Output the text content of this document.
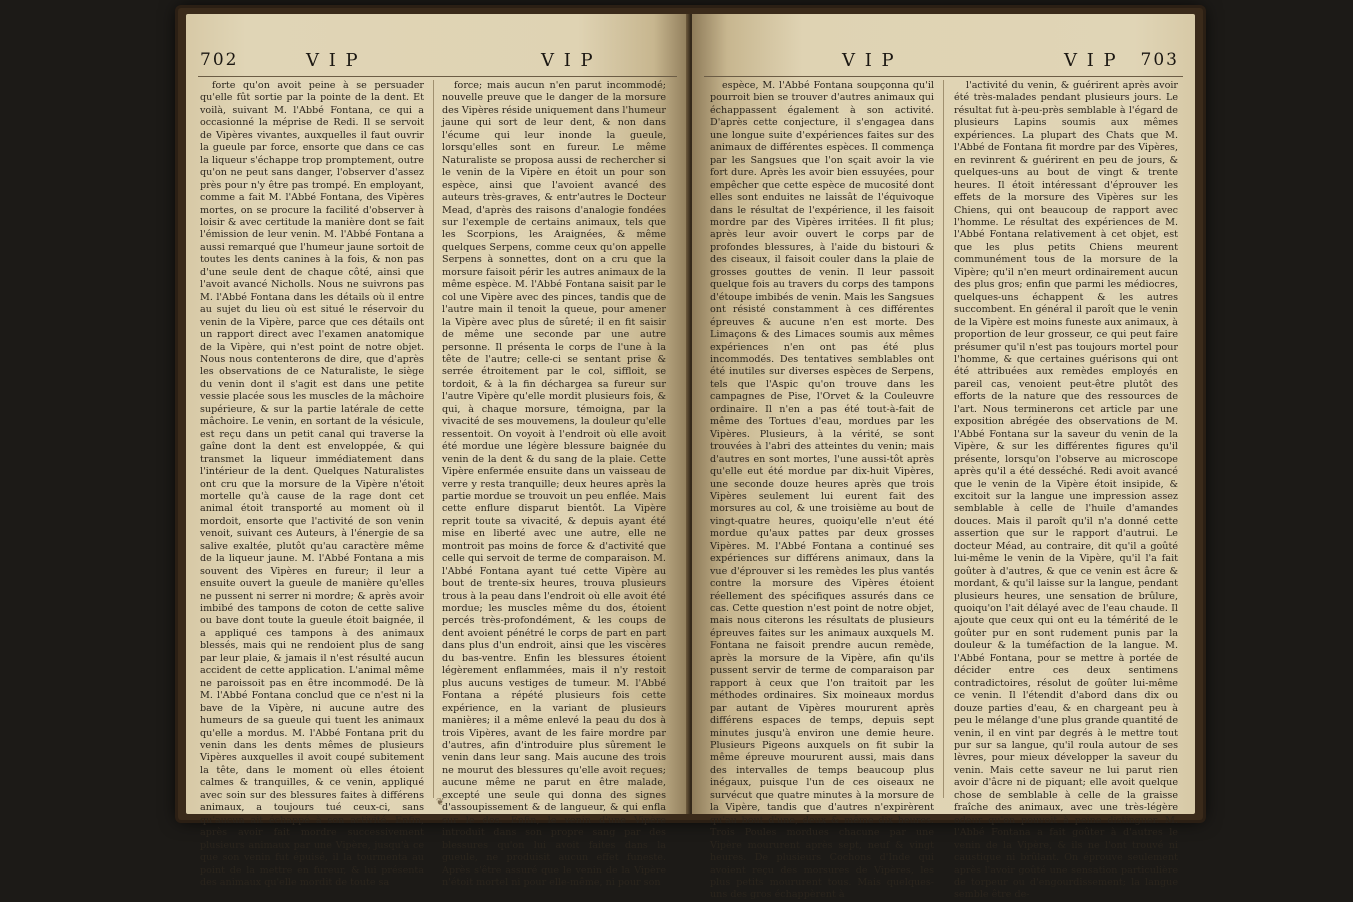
702	V I P	V I P

forte qu'on avoit peine à se persuader qu'elle fût sortie par la pointe de la dent. Et voilà, suivant M. l'Abbé Fontana, ce qui a occasionné la méprise de Redi. Il se servoit de Vipères vivantes, auxquelles il faut ouvrir la gueule par force, ensorte que dans ce cas la liqueur s'échappe trop promptement, outre qu'on ne peut sans danger, l'observer d'assez près pour n'y être pas trompé. En employant, comme a fait M. l'Abbé Fontana, des Vipères mortes, on se procure la facilité d'observer à loisir & avec certitude la manière dont se fait l'émission de leur venin. M. l'Abbé Fontana a aussi remarqué que l'humeur jaune sortoit de toutes les dents canines à la fois, & non pas d'une seule dent de chaque côté, ainsi que l'avoit avancé Nicholls. Nous ne suivrons pas M. l'Abbé Fontana dans les détails où il entre au sujet du lieu où est situé le réservoir du venin de la Vipère, parce que ces détails ont un rapport direct avec l'examen anatomique de la Vipère, qui n'est point de notre objet. Nous nous contenterons de dire, que d'après les observations de ce Naturaliste, le siège du venin dont il s'agit est dans une petite vessie placée sous les muscles de la mâchoire supérieure, & sur la partie latérale de cette mâchoire. Le venin, en sortant de la vésicule, est reçu dans un petit canal qui traverse la gaîne dont la dent est enveloppée, & qui transmet la liqueur immédiatement dans l'intérieur de la dent. Quelques Naturalistes ont cru que la morsure de la Vipère n'étoit mortelle qu'à cause de la rage dont cet animal étoit transporté au moment où il mordoit, ensorte que l'activité de son venin venoit, suivant ces Auteurs, à l'énergie de sa salive exaltée, plutôt qu'au caractère même de la liqueur jaune. M. l'Abbé Fontana a mis souvent des Vipères en fureur; il leur a ensuite ouvert la gueule de manière qu'elles ne pussent ni serrer ni mordre; & après avoir imbibé des tampons de coton de cette salive ou bave dont toute la gueule étoit baignée, il a appliqué ces tampons à des animaux blessés, mais qui ne rendoient plus de sang par leur plaie, & jamais il n'est résulté aucun accident de cette application. L'animal même ne paroissoit pas en être incommodé. De là M. l'Abbé Fontana conclud que ce n'est ni la bave de la Vipère, ni aucune autre des humeurs de sa gueule qui tuent les animaux qu'elle a mordus. M. l'Abbé Fontana prit du venin dans les dents mêmes de plusieurs Vipères auxquelles il avoit coupé subitement la tête, dans le moment où elles étoient calmes & tranquilles, & ce venin, appliqué avec soin sur des blessures faites à différens animaux, a toujours tué ceux-ci, sans qu'aucun ait échappé à son activité. Enfin, après avoir fait mordre successivement plusieurs animaux par une Vipère, jusqu'à ce que son venin fut épuisé, il la tourmenta au point de la mettre en fureur, & lui présenta des animaux qu'elle mordit de toute sa

force; mais aucun n'en parut incommodé; nouvelle preuve que le danger de la morsure des Vipères réside uniquement dans l'humeur jaune qui sort de leur dent, & non dans l'écume qui leur inonde la gueule, lorsqu'elles sont en fureur. Le même Naturaliste se proposa aussi de rechercher si le venin de la Vipère en étoit un pour son espèce, ainsi que l'avoient avancé des auteurs très-graves, & entr'autres le Docteur Mead, d'après des raisons d'analogie fondées sur l'exemple de certains animaux, tels que les Scorpions, les Araignées, & même quelques Serpens, comme ceux qu'on appelle Serpens à sonnettes, dont on a cru que la morsure faisoit périr les autres animaux de la même espèce. M. l'Abbé Fontana saisit par le col une Vipère avec des pinces, tandis que de l'autre main il tenoit la queue, pour amener la Vipère avec plus de sûreté; il en fit saisir de même une seconde par une autre personne. Il présenta le corps de l'une à la tête de l'autre; celle-ci se sentant prise & serrée étroitement par le col, siffloit, se tordoit, & à la fin déchargea sa fureur sur l'autre Vipère qu'elle mordit plusieurs fois, & qui, à chaque morsure, témoigna, par la vivacité de ses mouvemens, la douleur qu'elle ressentoit. On voyoit à l'endroit où elle avoit été mordue une légère blessure baignée du venin de la dent & du sang de la plaie. Cette Vipère enfermée ensuite dans un vaisseau de verre y resta tranquille; deux heures après la partie mordue se trouvoit un peu enflée. Mais cette enflure disparut bientôt. La Vipère reprit toute sa vivacité, & depuis ayant été mise en liberté avec une autre, elle ne montroit pas moins de force & d'activité que celle qui servoit de terme de comparaison. M. l'Abbé Fontana ayant tué cette Vipère au bout de trente-six heures, trouva plusieurs trous à la peau dans l'endroit où elle avoit été mordue; les muscles même du dos, étoient percés très-profondément, & les coups de dent avoient pénétré le corps de part en part dans plus d'un endroit, ainsi que les viscères du bas-ventre. Enfin les blessures étoient légèrement enflammées, mais il n'y restoit plus aucuns vestiges de tumeur. M. l'Abbé Fontana a répété plusieurs fois cette expérience, en la variant de plusieurs manières; il a même enlevé la peau du dos à trois Vipères, avant de les faire mordre par d'autres, afin d'introduire plus sûrement le venin dans leur sang. Mais aucune des trois ne mourut des blessures qu'elle avoit reçues; aucune même ne parut en être malade, excepté une seule qui donna des signes d'assoupissement & de langueur, & qui enfla sur le dos. Enfin, le venin d'une Vipère introduit dans son propre sang par des blessures qu'on lui avoit faites dans la gueule, ne produisit aucun effet funeste. Après s'être assuré que le venin de la Vipère n'étoit mortel ni pour elle-même, ni pour son

❦
V I P	V I P 703

espèce, M. l'Abbé Fontana soupçonna qu'il pourroit bien se trouver d'autres animaux qui échappassent également à son activité. D'après cette conjecture, il s'engagea dans une longue suite d'expériences faites sur des animaux de différentes espèces. Il commença par les Sangsues que l'on sçait avoir la vie fort dure. Après les avoir bien essuyées, pour empêcher que cette espèce de mucosité dont elles sont enduites ne laissât de l'équivoque dans le résultat de l'expérience, il les faisoit mordre par des Vipères irritées. Il fit plus; après leur avoir ouvert le corps par de profondes blessures, à l'aide du bistouri & des ciseaux, il faisoit couler dans la plaie de grosses gouttes de venin. Il leur passoit quelque fois au travers du corps des tampons d'étoupe imbibés de venin. Mais les Sangsues ont résisté constamment à ces différentes épreuves & aucune n'en est morte. Des Limaçons & des Limaces soumis aux mêmes expériences n'en ont pas été plus incommodés. Des tentatives semblables ont été inutiles sur diverses espèces de Serpens, tels que l'Aspic qu'on trouve dans les campagnes de Pise, l'Orvet & la Couleuvre ordinaire. Il n'en a pas été tout-à-fait de même des Tortues d'eau, mordues par les Vipères. Plusieurs, à la vérité, se sont trouvées à l'abri des atteintes du venin; mais d'autres en sont mortes, l'une aussi-tôt après qu'elle eut été mordue par dix-huit Vipères, une seconde douze heures après que trois Vipères seulement lui eurent fait des morsures au col, & une troisième au bout de vingt-quatre heures, quoiqu'elle n'eut été mordue qu'aux pattes par deux grosses Vipères. M. l'Abbé Fontana a continué ses expériences sur différens animaux, dans la vue d'éprouver si les remèdes les plus vantés contre la morsure des Vipères étoient réellement des spécifiques assurés dans ce cas. Cette question n'est point de notre objet, mais nous citerons les résultats de plusieurs épreuves faites sur les animaux auxquels M. Fontana ne faisoit prendre aucun remède, après la morsure de la Vipère, afin qu'ils pussent servir de terme de comparaison par rapport à ceux que l'on traitoit par les méthodes ordinaires. Six moineaux mordus par autant de Vipères moururent après différens espaces de temps, depuis sept minutes jusqu'à environ une demie heure. Plusieurs Pigeons auxquels on fit subir la même épreuve moururent aussi, mais dans des intervalles de temps beaucoup plus inégaux, puisque l'un de ces oiseaux ne survécut que quatre minutes à la morsure de la Vipère, tandis que d'autres n'expirèrent qu'au bout d'une, deux & même dix heures. Trois Poules mordues chacune par une Vipère moururent après sept, neuf & vingt heures. De plusieurs Cochons d'Inde qui avoient reçu des morsures de Vipères, les plus petits moururent tous. Mais quelques-uns des gros échappèrent à

l'activité du venin, & guérirent après avoir été très-malades pendant plusieurs jours. Le résultat fut à-peu-près semblable à l'égard de plusieurs Lapins soumis aux mêmes expériences. La plupart des Chats que M. l'Abbé de Fontana fit mordre par des Vipères, en revinrent & guérirent en peu de jours, & quelques-uns au bout de vingt & trente heures. Il étoit intéressant d'éprouver les effets de la morsure des Vipères sur les Chiens, qui ont beaucoup de rapport avec l'homme. Le résultat des expériences de M. l'Abbé Fontana relativement à cet objet, est que les plus petits Chiens meurent communément tous de la morsure de la Vipère; qu'il n'en meurt ordinairement aucun des plus gros; enfin que parmi les médiocres, quelques-uns échappent & les autres succombent. En général il paroît que le venin de la Vipère est moins funeste aux animaux, à proportion de leur grosseur, ce qui peut faire présumer qu'il n'est pas toujours mortel pour l'homme, & que certaines guérisons qui ont été attribuées aux remèdes employés en pareil cas, venoient peut-être plutôt des efforts de la nature que des ressources de l'art. Nous terminerons cet article par une exposition abrégée des observations de M. l'Abbé Fontana sur la saveur du venin de la Vipère, & sur les différentes figures qu'il présente, lorsqu'on l'observe au microscope après qu'il a été desséché. Redi avoit avancé que le venin de la Vipère étoit insipide, & excitoit sur la langue une impression assez semblable à celle de l'huile d'amandes douces. Mais il paroît qu'il n'a donné cette assertion que sur le rapport d'autrui. Le docteur Méad, au contraire, dit qu'il a goûté lui-même le venin de la Vipère, qu'il l'a fait goûter à d'autres, & que ce venin est âcre & mordant, & qu'il laisse sur la langue, pendant plusieurs heures, une sensation de brûlure, quoiqu'on l'ait délayé avec de l'eau chaude. Il ajoute que ceux qui ont eu la témérité de le goûter pur en sont rudement punis par la douleur & la tuméfaction de la langue. M. l'Abbé Fontana, pour se mettre à portée de décider entre ces deux sentimens contradictoires, résolut de goûter lui-même ce venin. Il l'étendit d'abord dans dix ou douze parties d'eau, & en chargeant peu à peu le mélange d'une plus grande quantité de venin, il en vint par degrés à le mettre tout pur sur sa langue, qu'il roula autour de ses lèvres, pour mieux développer la saveur du venin. Mais cette saveur ne lui parut rien avoir d'âcre ni de piquant; elle avoit quelque chose de semblable à celle de la graisse fraîche des animaux, avec une très-légère odeur qu'on pouvoit à peine distinguer. M. l'Abbé Fontana a fait goûter à d'autres le venin de la Vipère, & ils ne l'ont trouvé ni caustique ni brûlant. On éprouve seulement après l'avoir goûté une sensation particulière de torpeur ou d'engourdissement; la langue semble être de-
